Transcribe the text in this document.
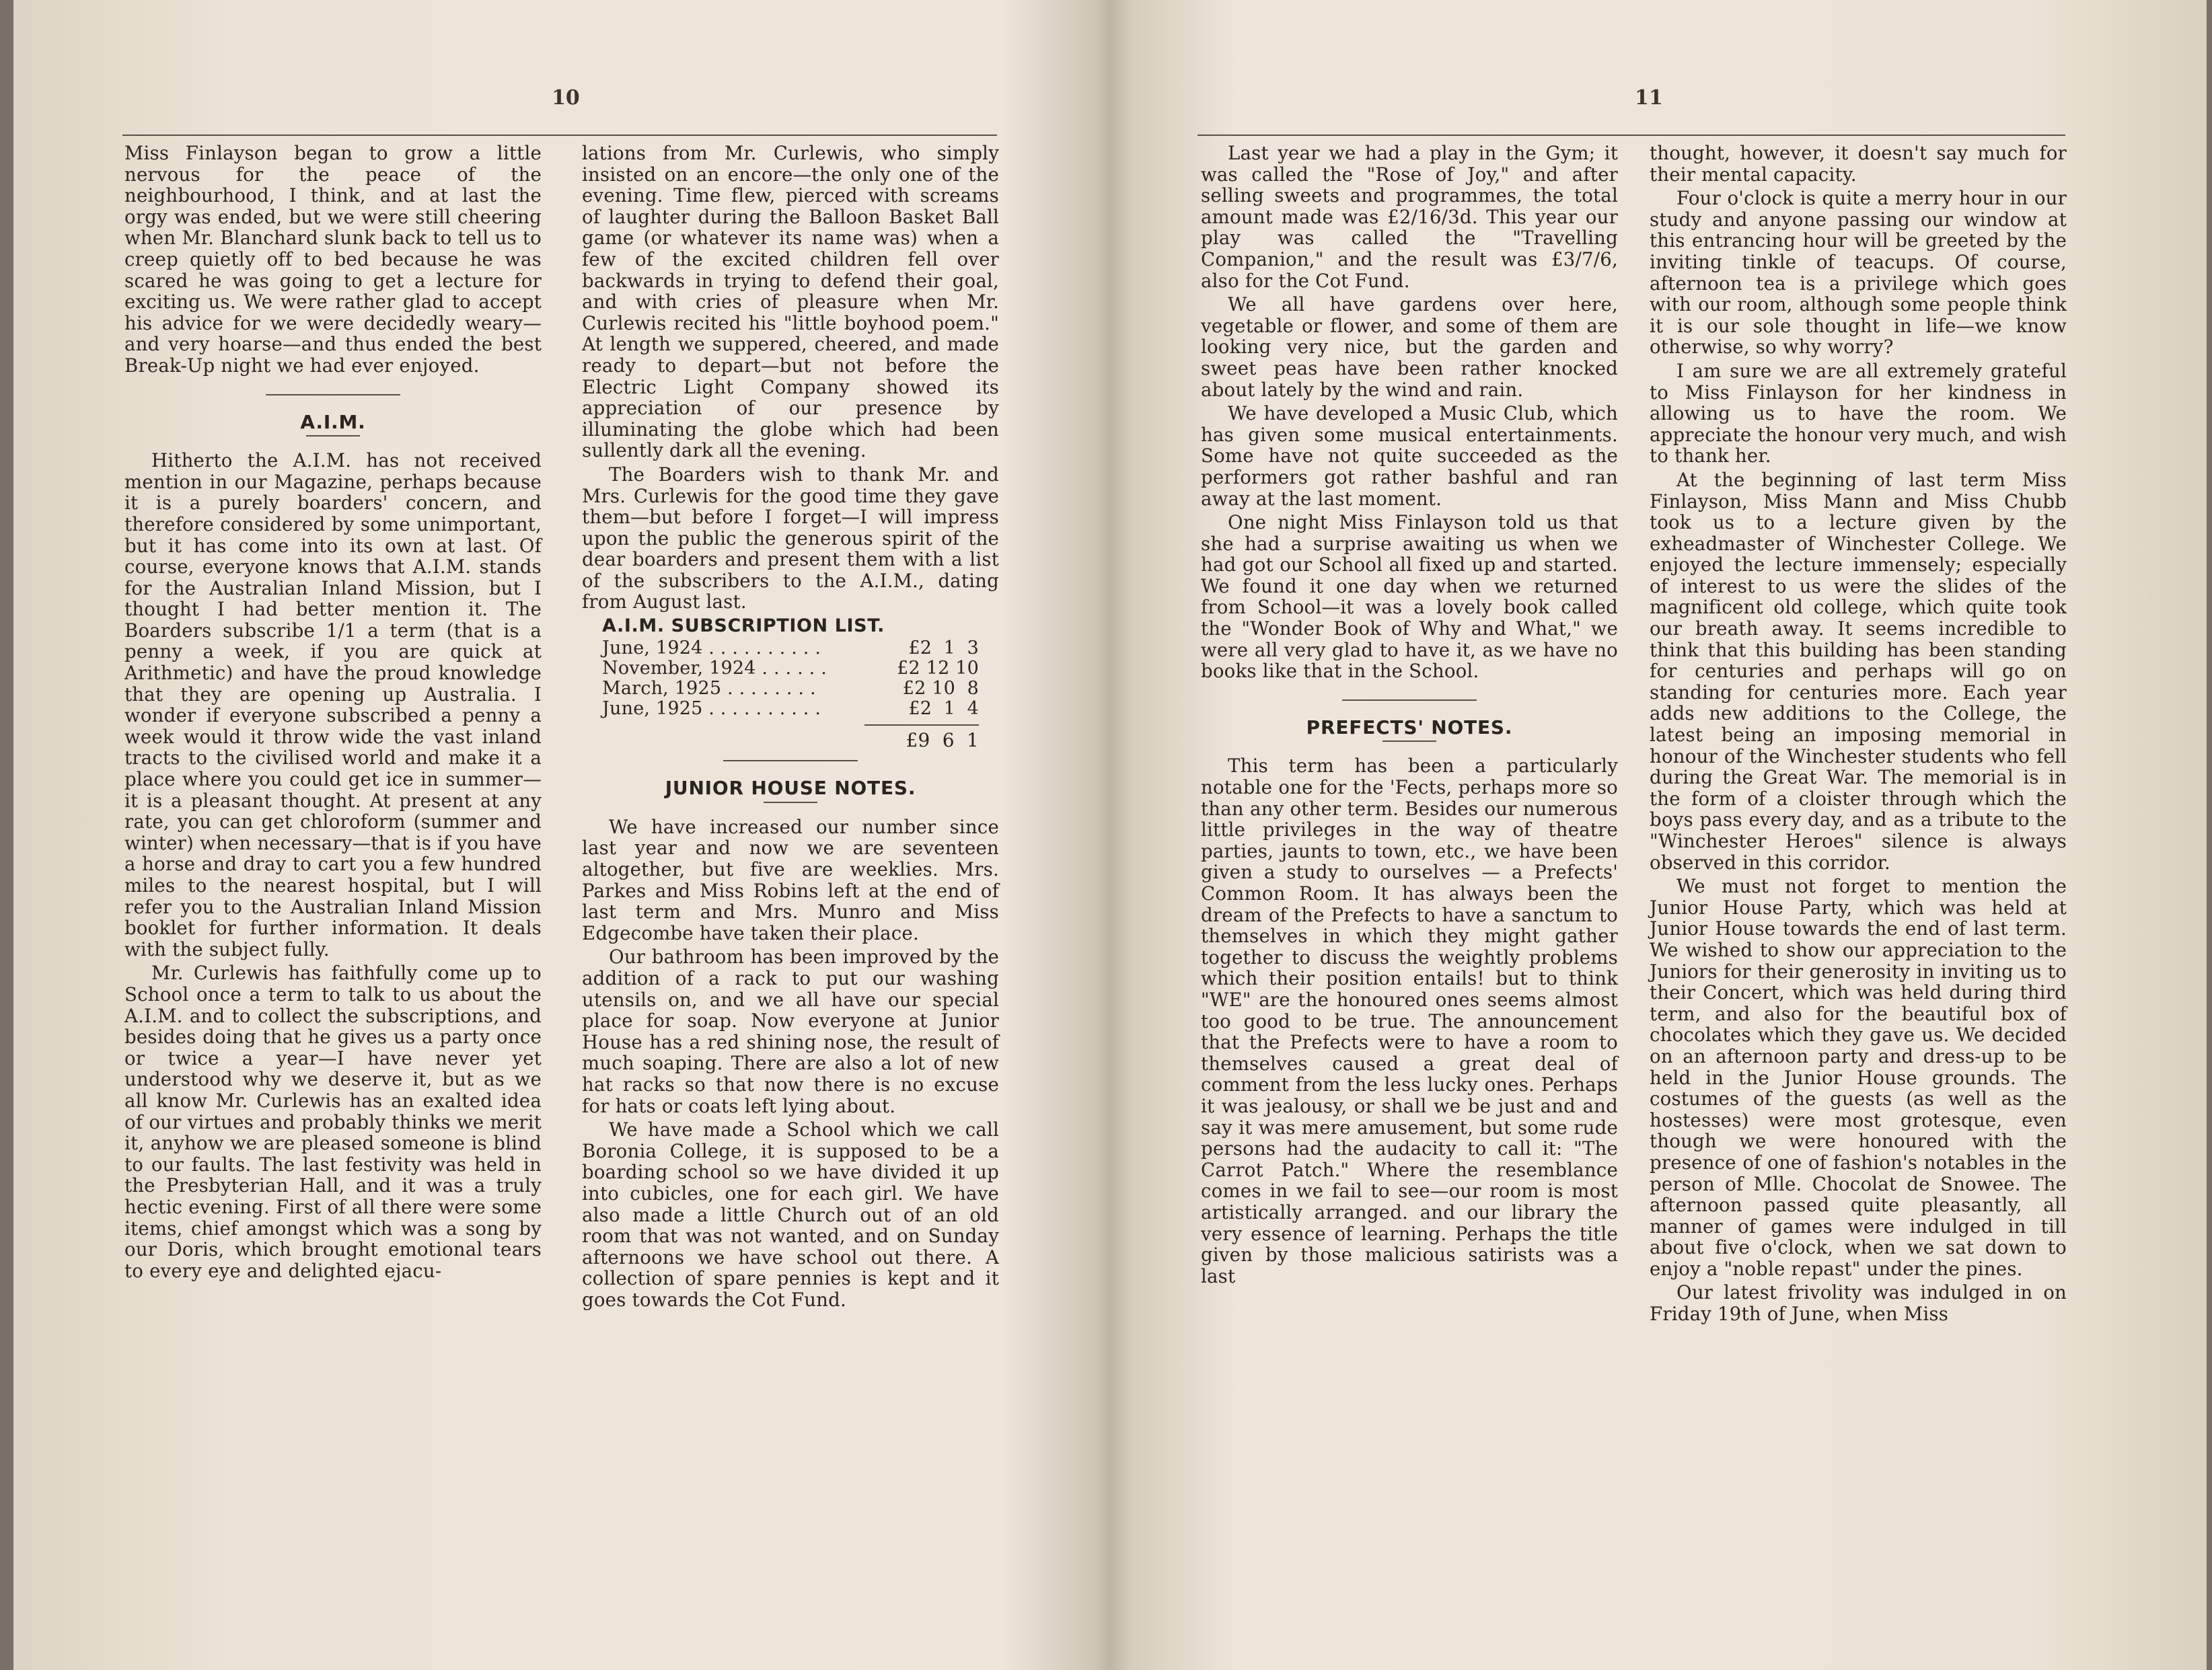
10

Miss Finlayson began to grow a little nervous for the peace of the neighbourhood, I think, and at last the orgy was ended, but we were still cheering when Mr. Blanchard slunk back to tell us to creep quietly off to bed because he was scared he was going to get a lecture for exciting us. We were rather glad to accept his advice for we were decidedly weary—and very hoarse—and thus ended the best Break-Up night we had ever enjoyed.

A.I.M.

Hitherto the A.I.M. has not received mention in our Magazine, perhaps because it is a purely boarders' concern, and therefore considered by some unimportant, but it has come into its own at last. Of course, everyone knows that A.I.M. stands for the Australian Inland Mission, but I thought I had better mention it. The Boarders subscribe 1/1 a term (that is a penny a week, if you are quick at Arithmetic) and have the proud knowledge that they are opening up Australia. I wonder if everyone subscribed a penny a week would it throw wide the vast inland tracts to the civilised world and make it a place where you could get ice in summer—it is a pleasant thought. At present at any rate, you can get chloroform (summer and winter) when necessary—that is if you have a horse and dray to cart you a few hundred miles to the nearest hospital, but I will refer you to the Australian Inland Mission booklet for further information. It deals with the subject fully.

Mr. Curlewis has faithfully come up to School once a term to talk to us about the A.I.M. and to collect the subscriptions, and besides doing that he gives us a party once or twice a year—I have never yet understood why we deserve it, but as we all know Mr. Curlewis has an exalted idea of our virtues and probably thinks we merit it, anyhow we are pleased someone is blind to our faults. The last festivity was held in the Presbyterian Hall, and it was a truly hectic evening. First of all there were some items, chief amongst which was a song by our Doris, which brought emotional tears to every eye and delighted ejacu-

lations from Mr. Curlewis, who simply insisted on an encore—the only one of the evening. Time flew, pierced with screams of laughter during the Balloon Basket Ball game (or whatever its name was) when a few of the excited children fell over backwards in trying to defend their goal, and with cries of pleasure when Mr. Curlewis recited his "little boyhood poem." At length we suppered, cheered, and made ready to depart—but not before the Electric Light Company showed its appreciation of our presence by illuminating the globe which had been sullently dark all the evening.

The Boarders wish to thank Mr. and Mrs. Curlewis for the good time they gave them—but before I forget—I will impress upon the public the generous spirit of the dear boarders and present them with a list of the subscribers to the A.I.M., dating from August last.

A.I.M. SUBSCRIPTION LIST.
June, 1924 . . . . . . . . . .	£2  1  3
November, 1924 . . . . . .	£2 12 10
March, 1925 . . . . . . . .	£2 10  8
June, 1925 . . . . . . . . . .	£2  1  4
£9  6  1
JUNIOR HOUSE NOTES.

We have increased our number since last year and now we are seventeen altogether, but five are weeklies. Mrs. Parkes and Miss Robins left at the end of last term and Mrs. Munro and Miss Edgecombe have taken their place.

Our bathroom has been improved by the addition of a rack to put our washing utensils on, and we all have our special place for soap. Now everyone at Junior House has a red shining nose, the result of much soaping. There are also a lot of new hat racks so that now there is no excuse for hats or coats left lying about.

We have made a School which we call Boronia College, it is supposed to be a boarding school so we have divided it up into cubicles, one for each girl. We have also made a little Church out of an old room that was not wanted, and on Sunday afternoons we have school out there. A collection of spare pennies is kept and it goes towards the Cot Fund.

11

Last year we had a play in the Gym; it was called the "Rose of Joy," and after selling sweets and programmes, the total amount made was £2/16/3d. This year our play was called the "Travelling Companion," and the result was £3/7/6, also for the Cot Fund.

We all have gardens over here, vegetable or flower, and some of them are looking very nice, but the garden and sweet peas have been rather knocked about lately by the wind and rain.

We have developed a Music Club, which has given some musical entertainments. Some have not quite succeeded as the performers got rather bashful and ran away at the last moment.

One night Miss Finlayson told us that she had a surprise awaiting us when we had got our School all fixed up and started. We found it one day when we returned from School—it was a lovely book called the "Wonder Book of Why and What," we were all very glad to have it, as we have no books like that in the School.

PREFECTS' NOTES.

This term has been a particularly notable one for the 'Fects, perhaps more so than any other term. Besides our numerous little privileges in the way of theatre parties, jaunts to town, etc., we have been given a study to ourselves — a Prefects' Common Room. It has always been the dream of the Prefects to have a sanctum to themselves in which they might gather together to discuss the weightly problems which their position entails! but to think "WE" are the honoured ones seems almost too good to be true. The announcement that the Prefects were to have a room to themselves caused a great deal of comment from the less lucky ones. Perhaps it was jealousy, or shall we be just and and say it was mere amusement, but some rude persons had the audacity to call it: "The Carrot Patch." Where the resemblance comes in we fail to see—our room is most artistically arranged. and our library the very essence of learning. Perhaps the title given by those malicious satirists was a last

thought, however, it doesn't say much for their mental capacity.

Four o'clock is quite a merry hour in our study and anyone passing our window at this entrancing hour will be greeted by the inviting tinkle of teacups. Of course, afternoon tea is a privilege which goes with our room, although some people think it is our sole thought in life—we know otherwise, so why worry?

I am sure we are all extremely grateful to Miss Finlayson for her kindness in allowing us to have the room. We appreciate the honour very much, and wish to thank her.

At the beginning of last term Miss Finlayson, Miss Mann and Miss Chubb took us to a lecture given by the exheadmaster of Winchester College. We enjoyed the lecture immensely; especially of interest to us were the slides of the magnificent old college, which quite took our breath away. It seems incredible to think that this building has been standing for centuries and perhaps will go on standing for centuries more. Each year adds new additions to the College, the latest being an imposing memorial in honour of the Winchester students who fell during the Great War. The memorial is in the form of a cloister through which the boys pass every day, and as a tribute to the "Winchester Heroes" silence is always observed in this corridor.

We must not forget to mention the Junior House Party, which was held at Junior House towards the end of last term. We wished to show our appreciation to the Juniors for their generosity in inviting us to their Concert, which was held during third term, and also for the beautiful box of chocolates which they gave us. We decided on an afternoon party and dress-up to be held in the Junior House grounds. The costumes of the guests (as well as the hostesses) were most grotesque, even though we were honoured with the presence of one of fashion's notables in the person of Mlle. Chocolat de Snowee. The afternoon passed quite pleasantly, all manner of games were indulged in till about five o'clock, when we sat down to enjoy a "noble repast" under the pines.

Our latest frivolity was indulged in on Friday 19th of June, when Miss
